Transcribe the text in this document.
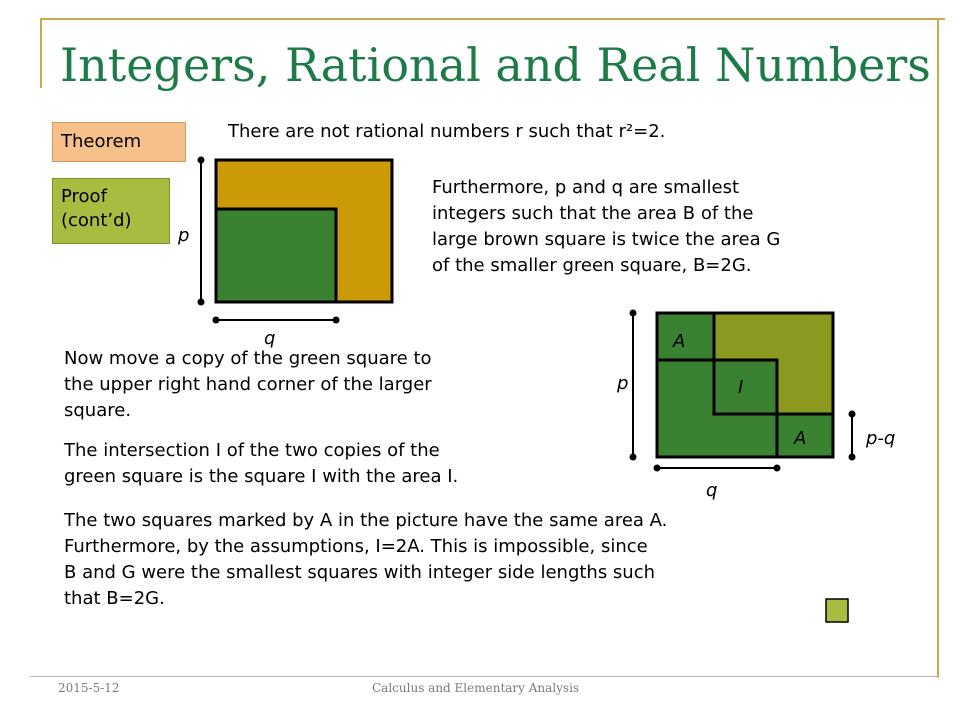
Integers, Rational and Real Numbers
Theorem
Proof
(cont’d)
There are not rational numbers r such that r²=2.
Furthermore, p and q are smallest
integers such that the area B of the
large brown square is twice the area G
of the smaller green square, B=2G.
Now move a copy of the green square to
the upper right hand corner of the larger
square.
The intersection I of the two copies of the
green square is the square I with the area I.
The two squares marked by A in the picture have the same area A.
Furthermore, by the assumptions, I=2A. This is impossible, since
B and G were the smallest squares with integer side lengths such
that B=2G.
p
q	A
I
A
p
q
p-q
2015-5-12	Calculus and Elementary Analysis
